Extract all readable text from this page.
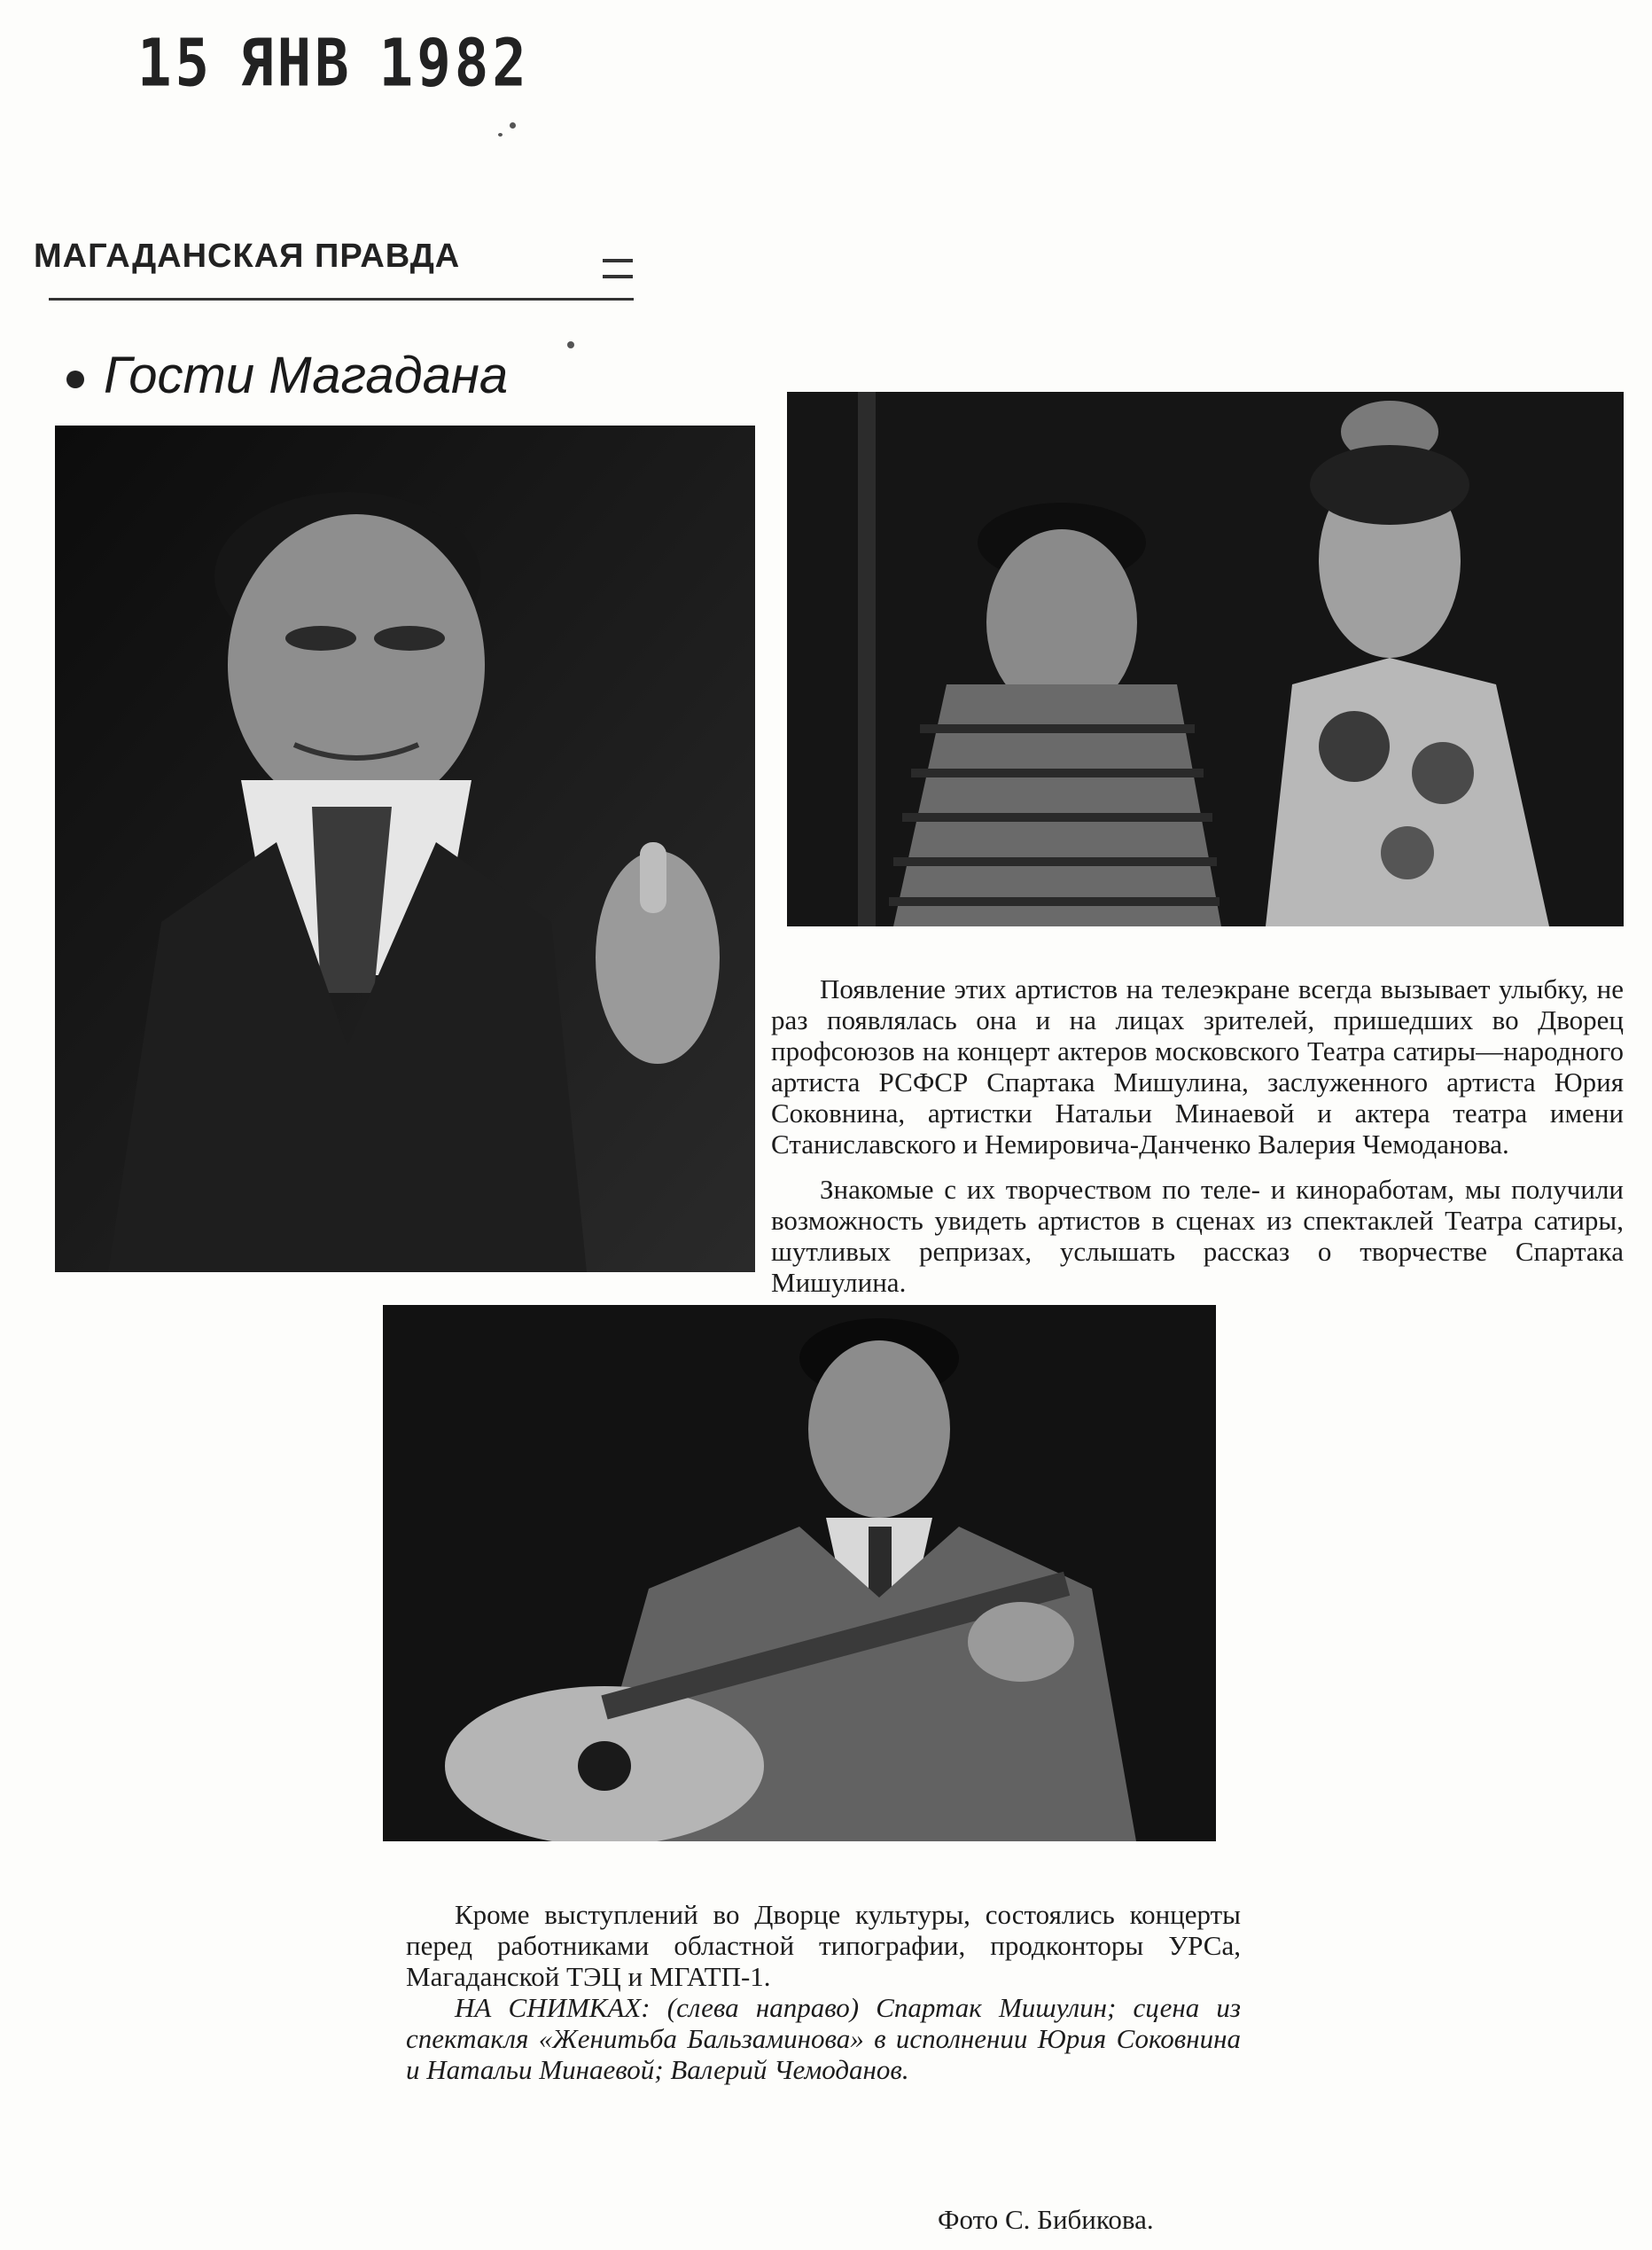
15 ЯНВ 1982
МАГАДАНСКАЯ ПРАВДА
Гости Магадана

Появление этих артистов на телеэкране всегда вызывает улыбку, не раз появлялась она и на лицах зрителей, пришедших во Дворец профсоюзов на концерт актеров московского Театра сатиры—народного артиста РСФСР Спартака Мишулина, заслуженного артиста Юрия Соковнина, артистки Натальи Минаевой и актера театра имени Станиславского и Немировича-Данченко Валерия Чемоданова.

Знакомые с их творчеством по теле- и киноработам, мы получили возможность увидеть артистов в сценах из спектаклей Театра сатиры, шутливых репризах, услышать рассказ о творчестве Спартака Мишулина.

Кроме выступлений во Дворце культуры, состоялись концерты перед работниками областной типографии, продконторы УРСа, Магаданской ТЭЦ и МГАТП-1.

НА СНИМКАХ: (слева направо) Спартак Мишулин; сцена из спектакля «Женитьба Бальзаминова» в исполнении Юрия Соковнина и Натальи Минаевой; Валерий Чемоданов.

Фото С. Бибикова.
